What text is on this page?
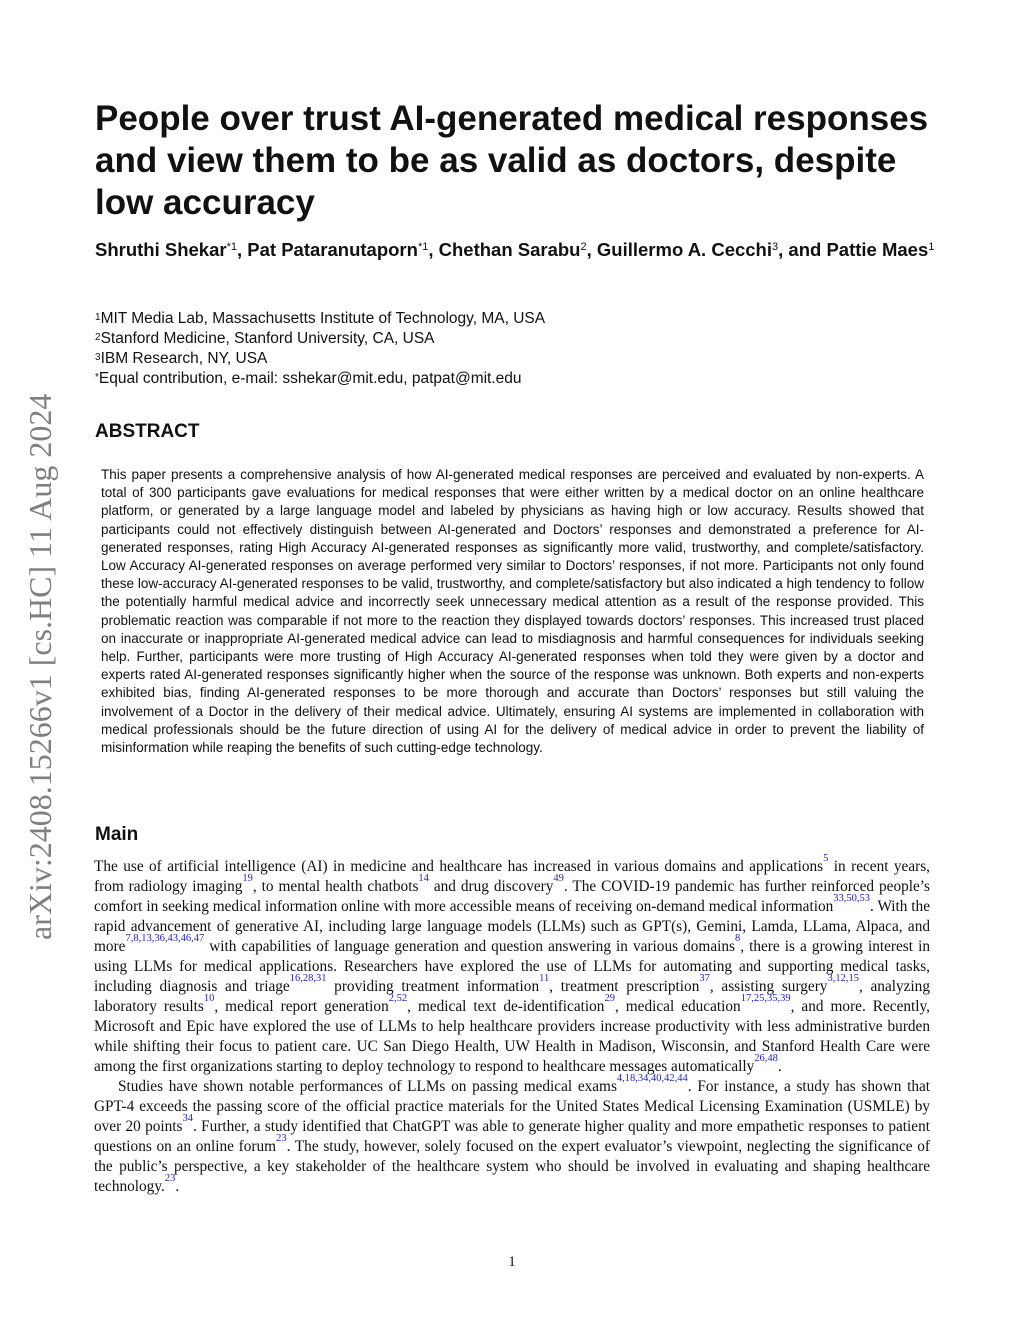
arXiv:2408.15266v1 [cs.HC] 11 Aug 2024
People over trust AI-generated medical responses and view them to be as valid as doctors, despite low accuracy
Shruthi Shekar$^{*1}$, Pat Pataranutaporn$^{*1}$, Chethan Sarabu$^2$, Guillermo A. Cecchi$^3$, and Pattie Maes$^1$
$^1$MIT Media Lab, Massachusetts Institute of Technology, MA, USA
$^2$Stanford Medicine, Stanford University, CA, USA
$^3$IBM Research, NY, USA
*Equal contribution, e-mail: sshekar@mit.edu, patpat@mit.edu
ABSTRACT

This paper presents a comprehensive analysis of how AI-generated medical responses are perceived and evaluated by non-experts. A total of 300 participants gave evaluations for medical responses that were either written by a medical doctor on an online healthcare platform, or generated by a large language model and labeled by physicians as having high or low accuracy. Results showed that participants could not effectively distinguish between AI-generated and Doctors’ responses and demonstrated a preference for AI-generated responses, rating High Accuracy AI-generated responses as significantly more valid, trustworthy, and complete/satisfactory. Low Accuracy AI-generated responses on average performed very similar to Doctors’ responses, if not more. Participants not only found these low-accuracy AI-generated responses to be valid, trustworthy, and complete/satisfactory but also indicated a high tendency to follow the potentially harmful medical advice and incorrectly seek unnecessary medical attention as a result of the response provided. This problematic reaction was comparable if not more to the reaction they displayed towards doctors’ responses. This increased trust placed on inaccurate or inappropriate AI-generated medical advice can lead to misdiagnosis and harmful consequences for individuals seeking help. Further, participants were more trusting of High Accuracy AI-generated responses when told they were given by a doctor and experts rated AI-generated responses significantly higher when the source of the response was unknown. Both experts and non-experts exhibited bias, finding AI-generated responses to be more thorough and accurate than Doctors’ responses but still valuing the involvement of a Doctor in the delivery of their medical advice. Ultimately, ensuring AI systems are implemented in collaboration with medical professionals should be the future direction of using AI for the delivery of medical advice in order to prevent the liability of misinformation while reaping the benefits of such cutting-edge technology.

Main

The use of artificial intelligence (AI) in medicine and healthcare has increased in various domains and applications$^5$ in recent years, from radiology imaging$^{19}$, to mental health chatbots$^{14}$ and drug discovery$^{49}$. The COVID-19 pandemic has further reinforced people’s comfort in seeking medical information online with more accessible means of receiving on-demand medical information$^{33,50,53}$. With the rapid advancement of generative AI, including large language models (LLMs) such as GPT(s), Gemini, Lamda, LLama, Alpaca, and more$^{7,8,13,36,43,46,47}$ with capabilities of language generation and question answering in various domains$^8$, there is a growing interest in using LLMs for medical applications. Researchers have explored the use of LLMs for automating and supporting medical tasks, including diagnosis and triage$^{16,28,31}$ providing treatment information$^{11}$, treatment prescription$^{37}$, assisting surgery$^{3,12,15}$, analyzing laboratory results$^{10}$, medical report generation$^{2,52}$, medical text de-identification$^{29}$, medical education$^{17,25,35,39}$, and more. Recently, Microsoft and Epic have explored the use of LLMs to help healthcare providers increase productivity with less administrative burden while shifting their focus to patient care. UC San Diego Health, UW Health in Madison, Wisconsin, and Stanford Health Care were among the first organizations starting to deploy technology to respond to healthcare messages automatically$^{26,48}$.

Studies have shown notable performances of LLMs on passing medical exams$^{4,18,34,40,42,44}$. For instance, a study has shown that GPT-4 exceeds the passing score of the official practice materials for the United States Medical Licensing Examination (USMLE) by over 20 points$^{34}$. Further, a study identified that ChatGPT was able to generate higher quality and more empathetic responses to patient questions on an online forum$^{23}$. The study, however, solely focused on the expert evaluator’s viewpoint, neglecting the significance of the public’s perspective, a key stakeholder of the healthcare system who should be involved in evaluating and shaping healthcare technology.$^{23}$.

1
